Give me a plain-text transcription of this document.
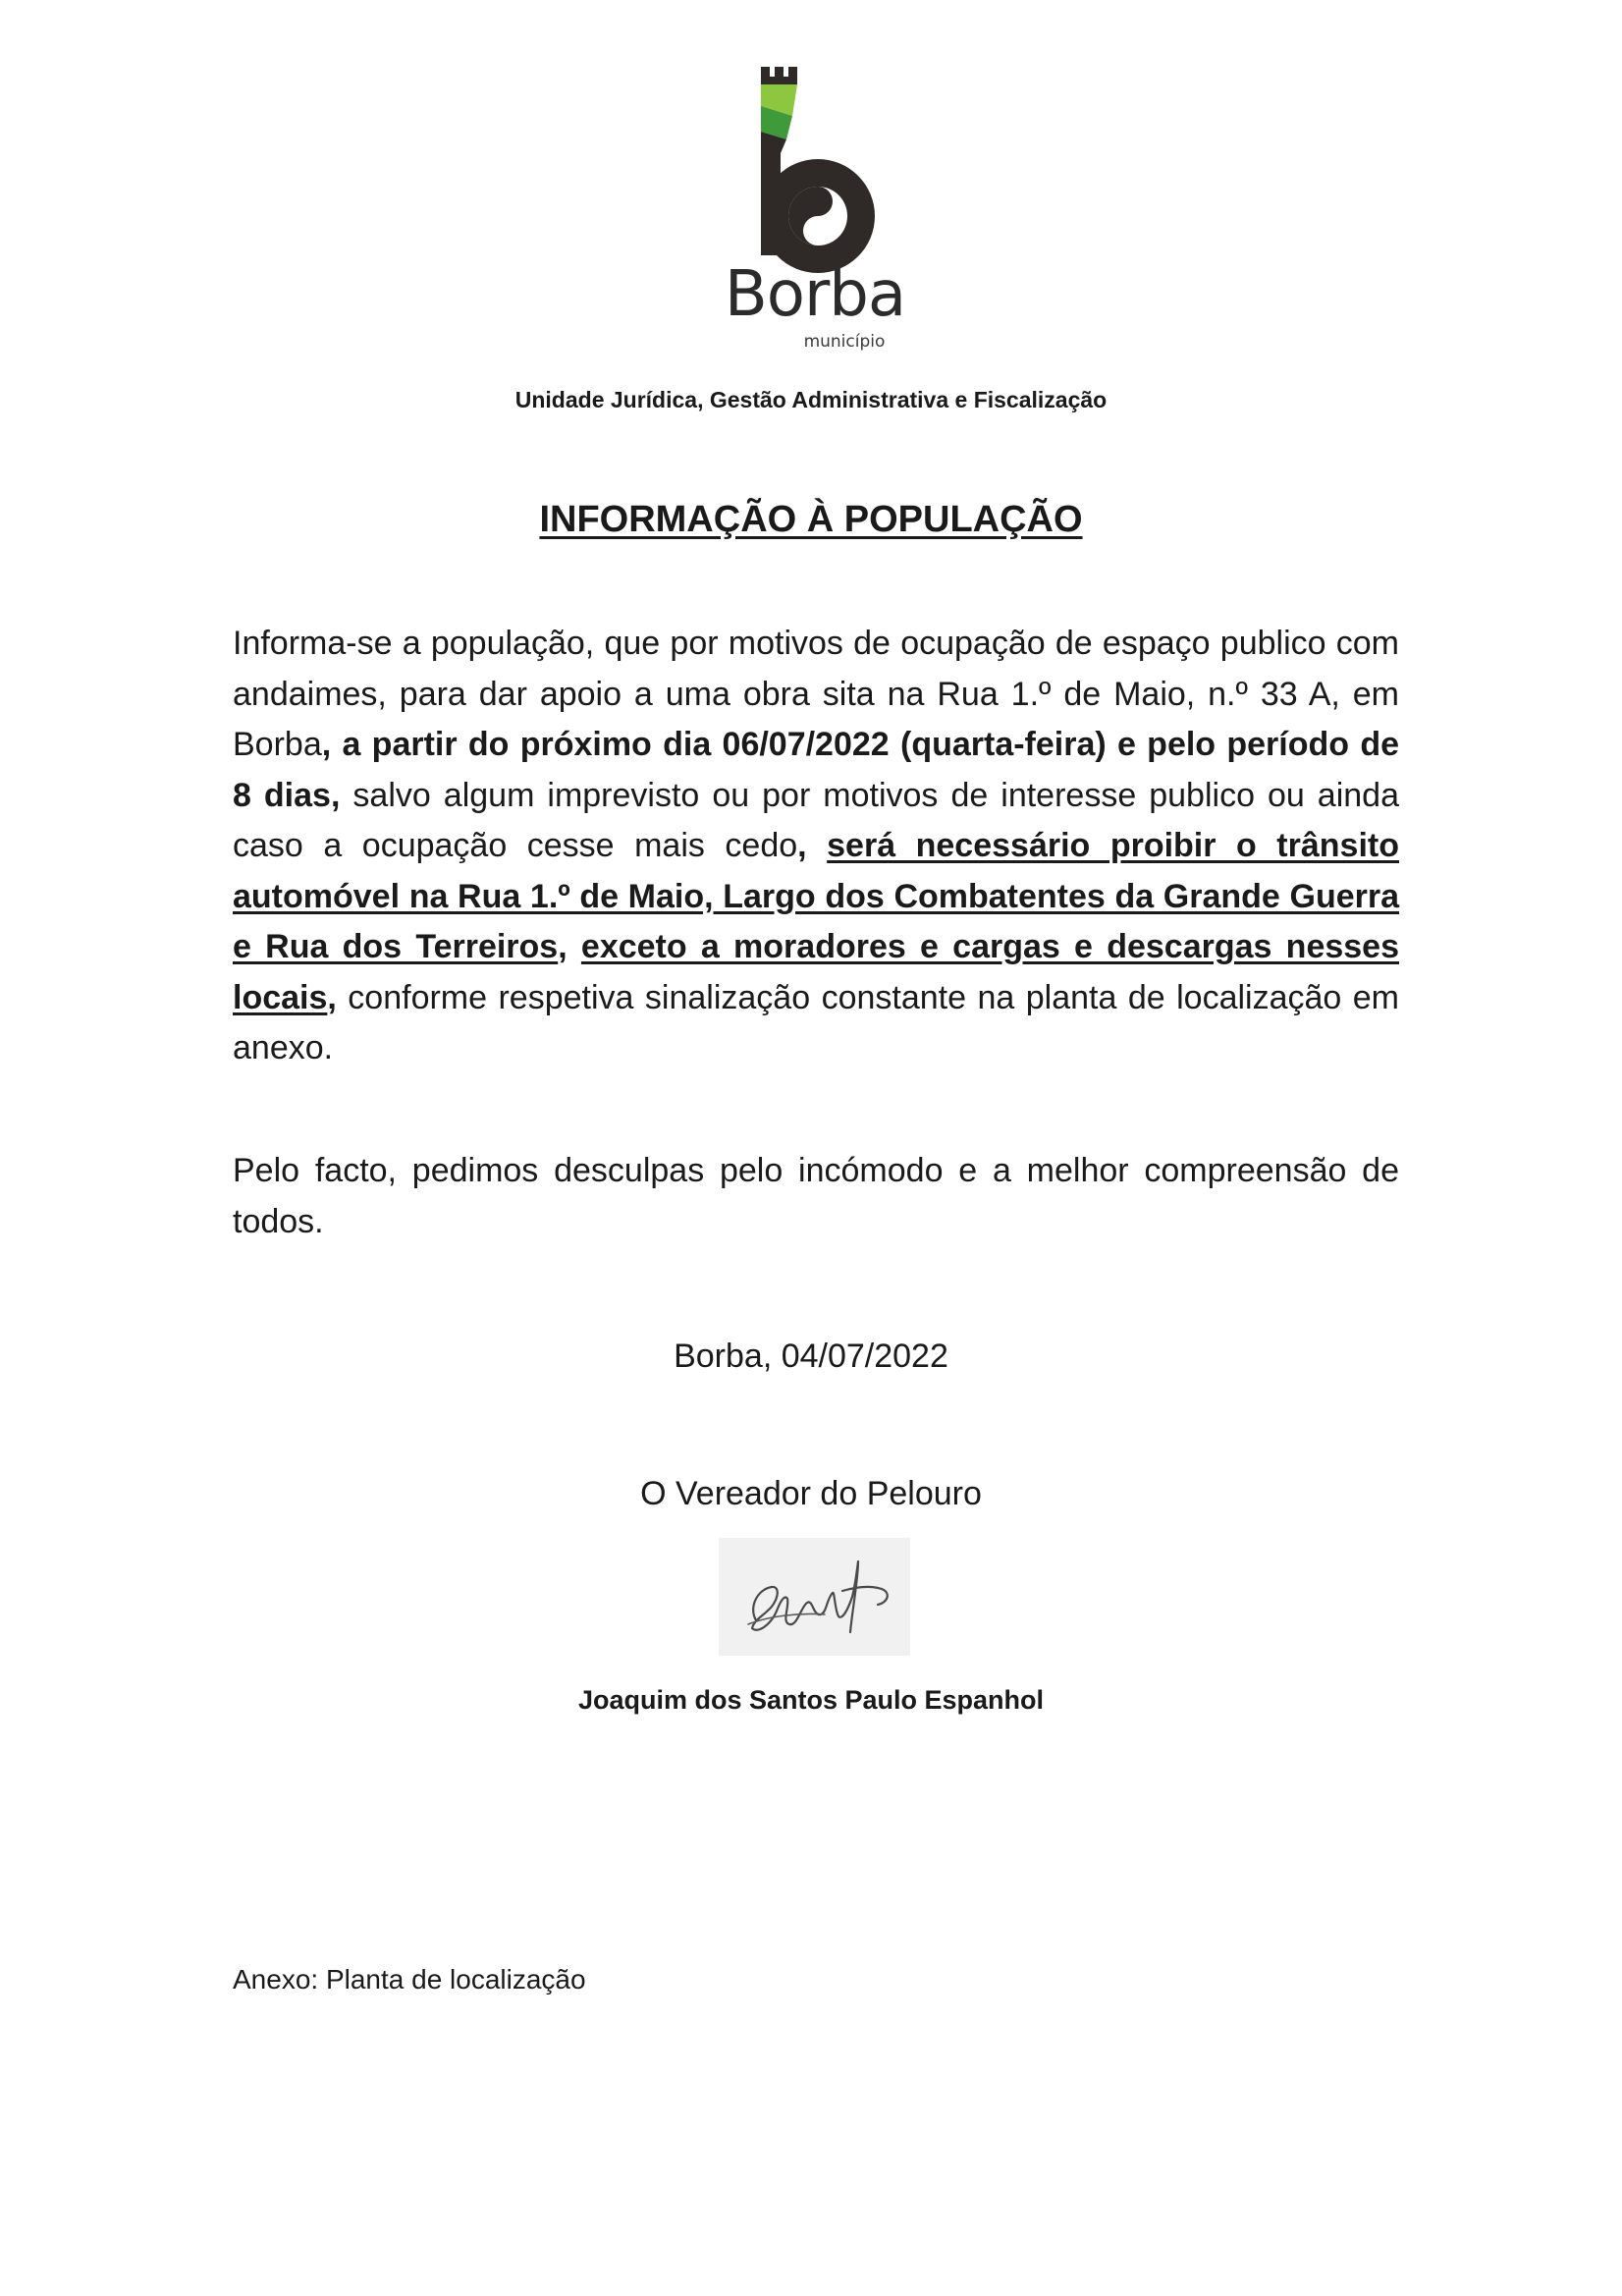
Borba
município
Unidade Jurídica, Gestão Administrativa e Fiscalização
INFORMAÇÃO À POPULAÇÃO
Informa-se a população, que por motivos de ocupação de espaço publico com andaimes, para dar apoio a uma obra sita na Rua 1.º de Maio, n.º 33 A, em Borba, a partir do próximo dia 06/07/2022 (quarta-feira) e pelo período de 8 dias, salvo algum imprevisto ou por motivos de interesse publico ou ainda caso a ocupação cesse mais cedo, será necessário proibir o trânsito automóvel na Rua 1.º de Maio, Largo dos Combatentes da Grande Guerra e Rua dos Terreiros, exceto a moradores e cargas e descargas nesses locais, conforme respetiva sinalização constante na planta de localização em anexo.
Pelo facto, pedimos desculpas pelo incómodo e a melhor compreensão de todos.
Borba, 04/07/2022
O Vereador do Pelouro
Joaquim dos Santos Paulo Espanhol
Anexo: Planta de localização
